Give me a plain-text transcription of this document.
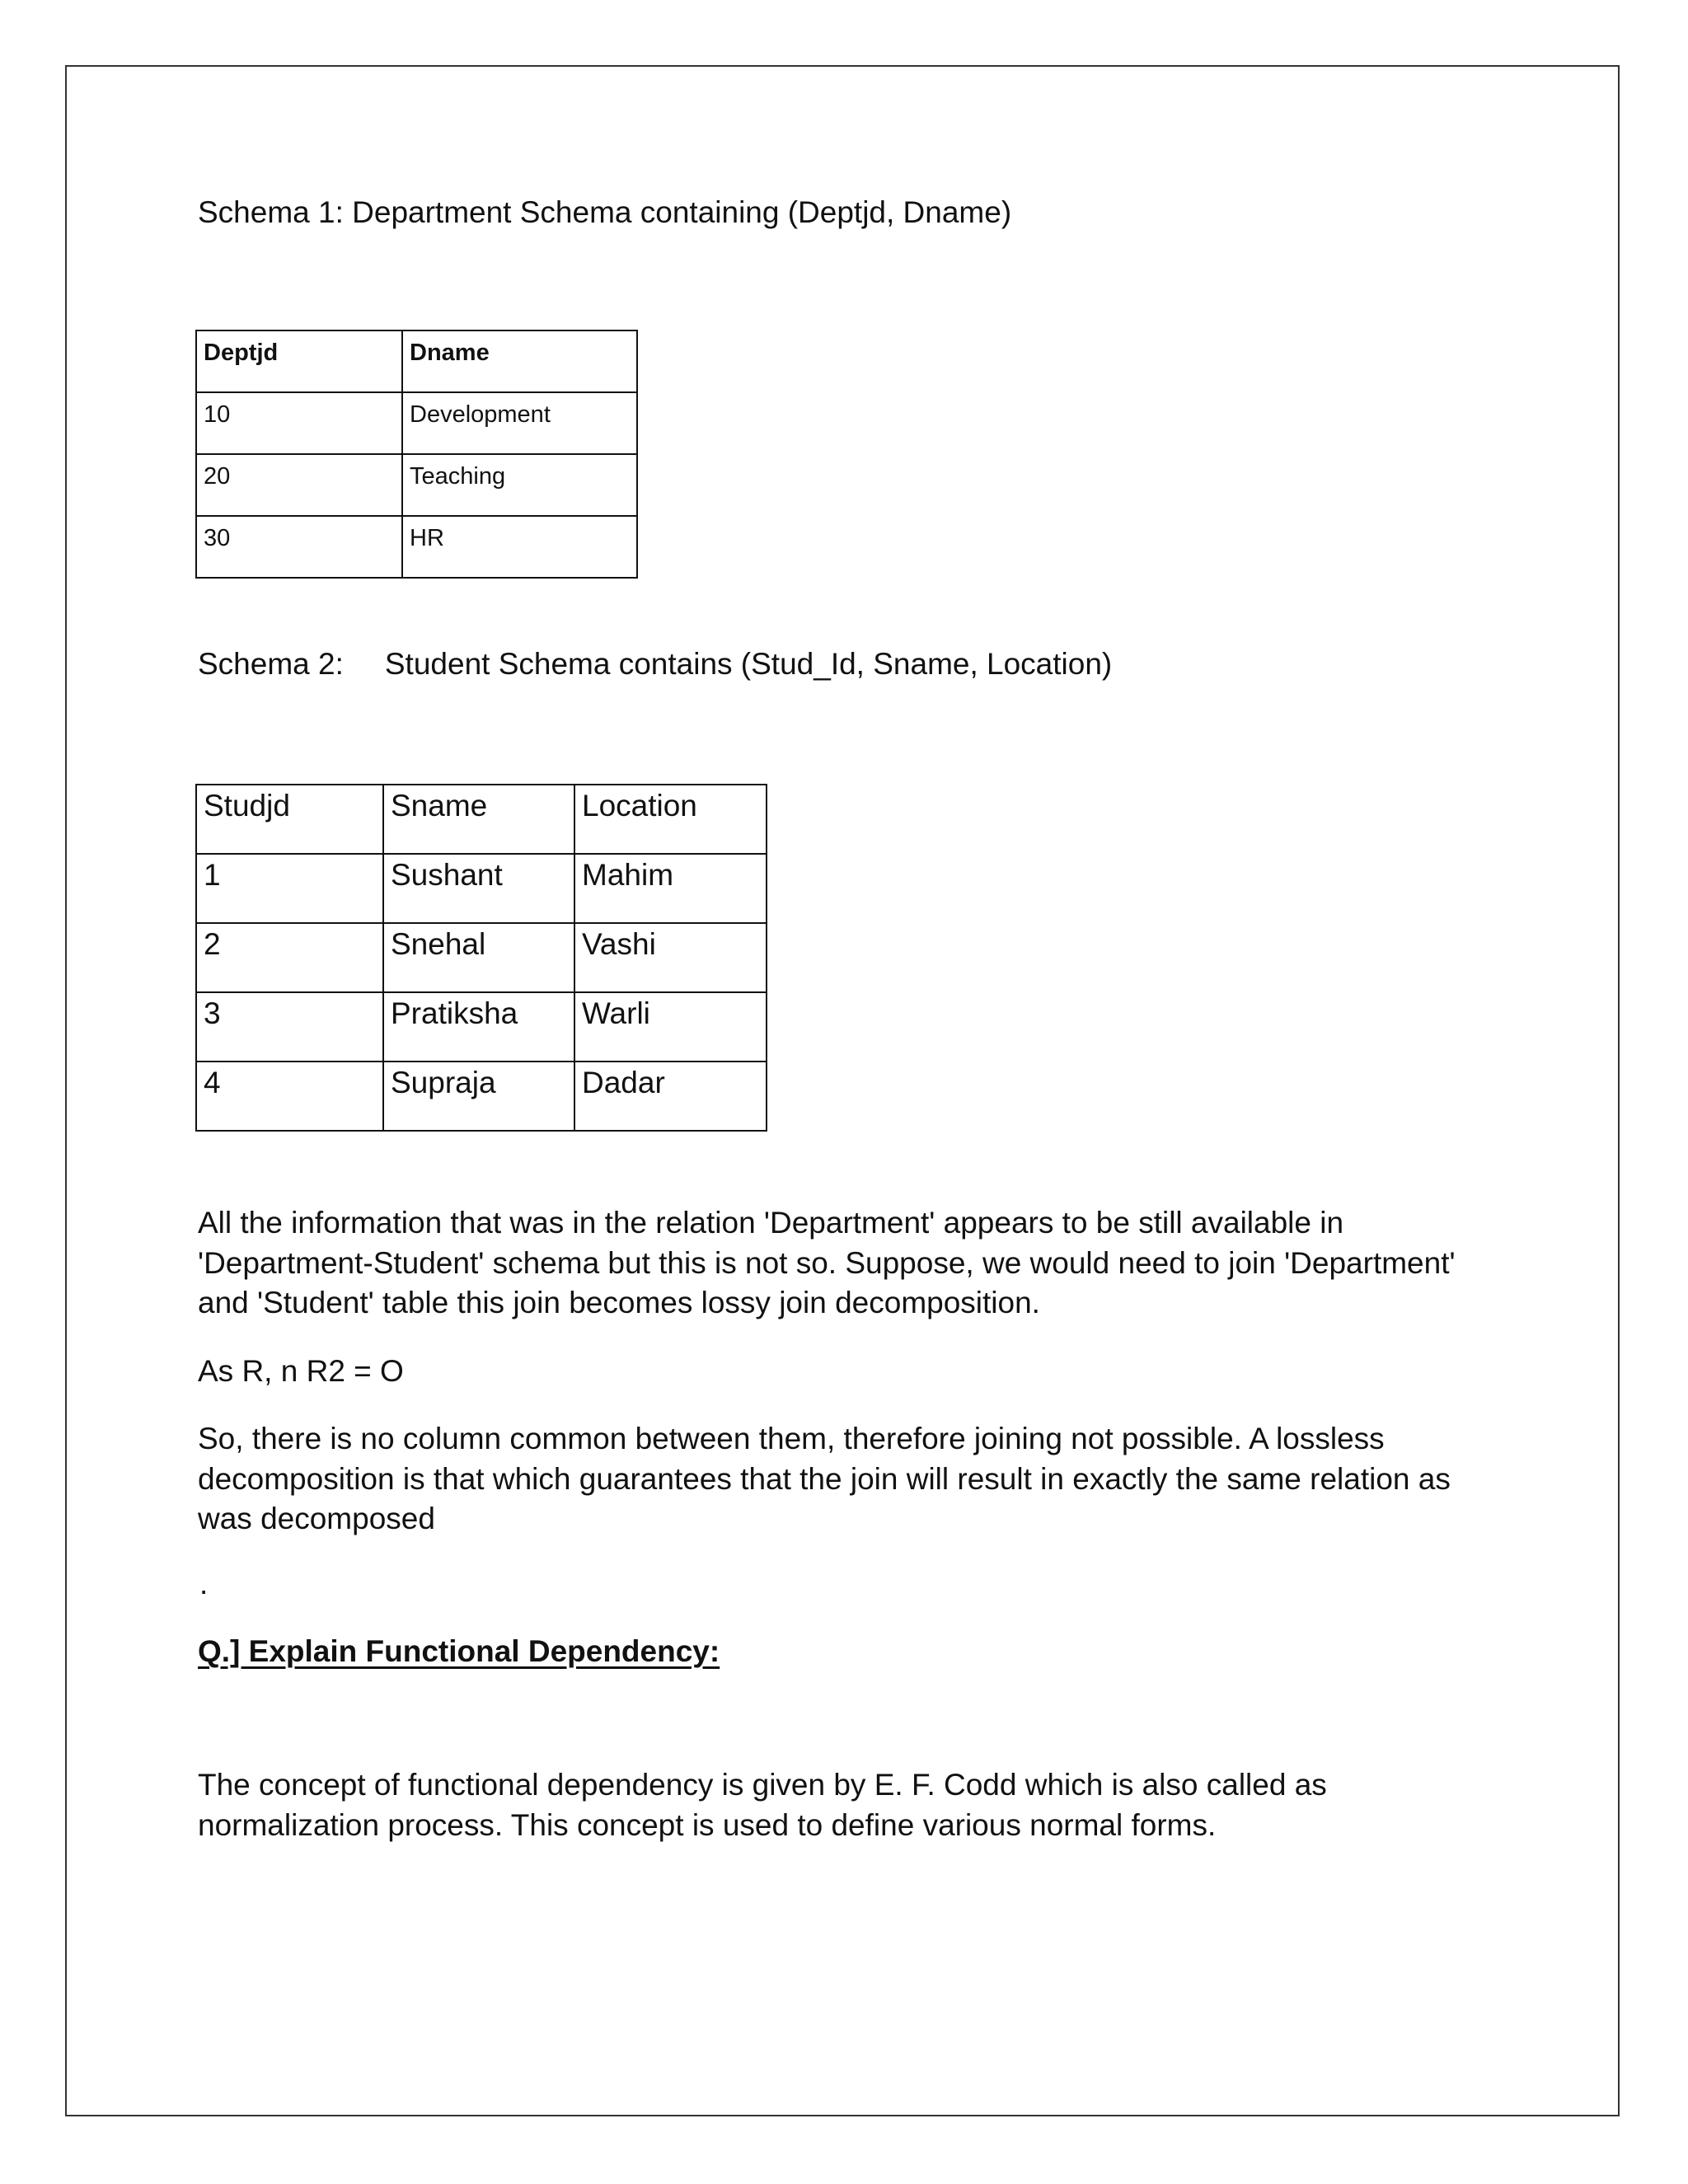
Schema 1: Department Schema containing (Deptjd, Dname)
Deptjd	Dname
10	Development
20	Teaching
30	HR
Schema 2: Student Schema contains (Stud_Id, Sname, Location)
Studjd	Sname	Location
1	Sushant	Mahim
2	Snehal	Vashi
3	Pratiksha	Warli
4	Supraja	Dadar
All the information that was in the relation 'Department' appears to be still available in
'Department-Student' schema but this is not so. Suppose, we would need to join 'Department'
and 'Student' table this join becomes lossy join decomposition.
As R, n R2 = O
So, there is no column common between them, therefore joining not possible. A lossless
decomposition is that which guarantees that the join will result in exactly the same relation as
was decomposed
.
Q.] Explain Functional Dependency:
The concept of functional dependency is given by E. F. Codd which is also called as
normalization process. This concept is used to define various normal forms.
